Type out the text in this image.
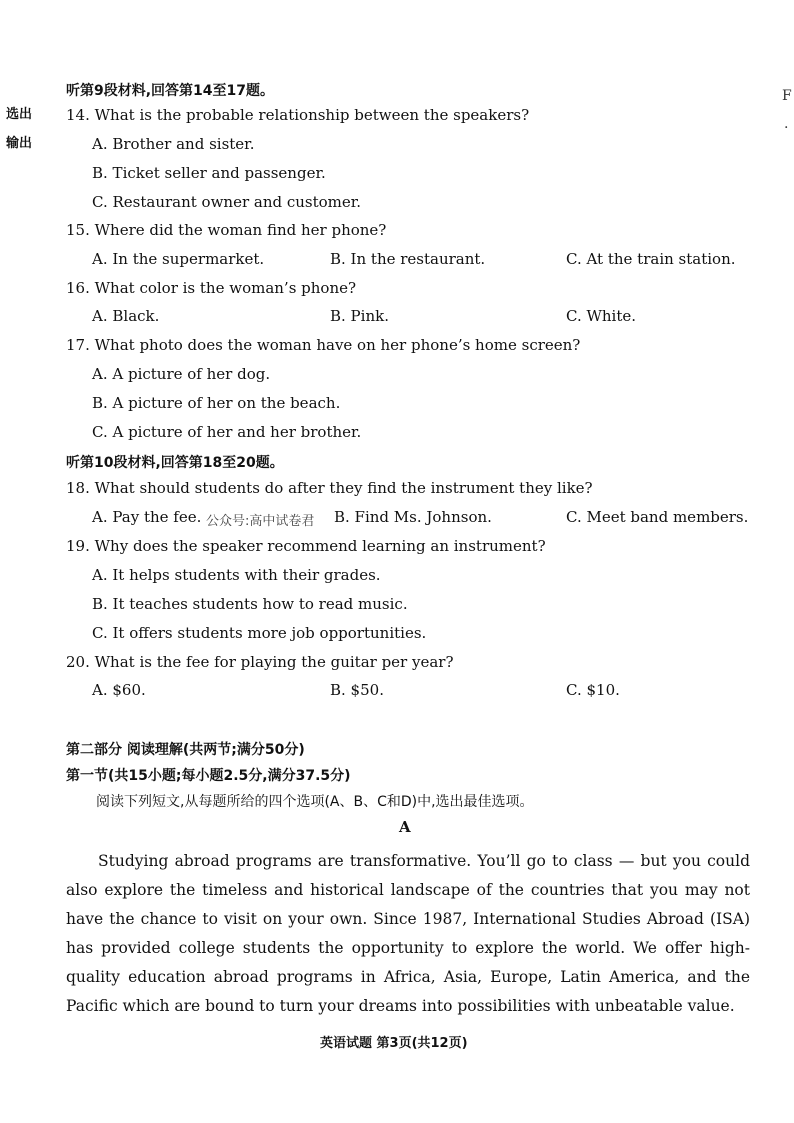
选出
输出
F
.
听第9段材料,回答第14至17题。
14. What is the probable relationship between the speakers?
A. Brother and sister.
B. Ticket seller and passenger.
C. Restaurant owner and customer.
15. Where did the woman find her phone?
A. In the supermarket.	B. In the restaurant.	C. At the train station.
16. What color is the woman’s phone?
A. Black.	B. Pink.	C. White.
17. What photo does the woman have on her phone’s home screen?
A. A picture of her dog.
B. A picture of her on the beach.
C. A picture of her and her brother.
听第10段材料,回答第18至20题。
18. What should students do after they find the instrument they like?
A. Pay the fee. 公众号:高中试卷君 B. Find Ms. Johnson.	C. Meet band members.
19. Why does the speaker recommend learning an instrument?
A. It helps students with their grades.
B. It teaches students how to read music.
C. It offers students more job opportunities.
20. What is the fee for playing the guitar per year?
A. $60.	B. $50.	C. $10.
第二部分 阅读理解(共两节;满分50分)
第一节(共15小题;每小题2.5分,满分37.5分)
阅读下列短文,从每题所给的四个选项(A、B、C和D)中,选出最佳选项。
A
Studying abroad programs are transformative. You’ll go to class — but you could also explore the timeless and historical landscape of the countries that you may not have the chance to visit on your own. Since 1987, International Studies Abroad (ISA) has provided college students the opportunity to explore the world. We offer high-quality education abroad programs in Africa, Asia, Europe, Latin America, and the Pacific which are bound to turn your dreams into possibilities with unbeatable value.
英语试题 第3页(共12页)
